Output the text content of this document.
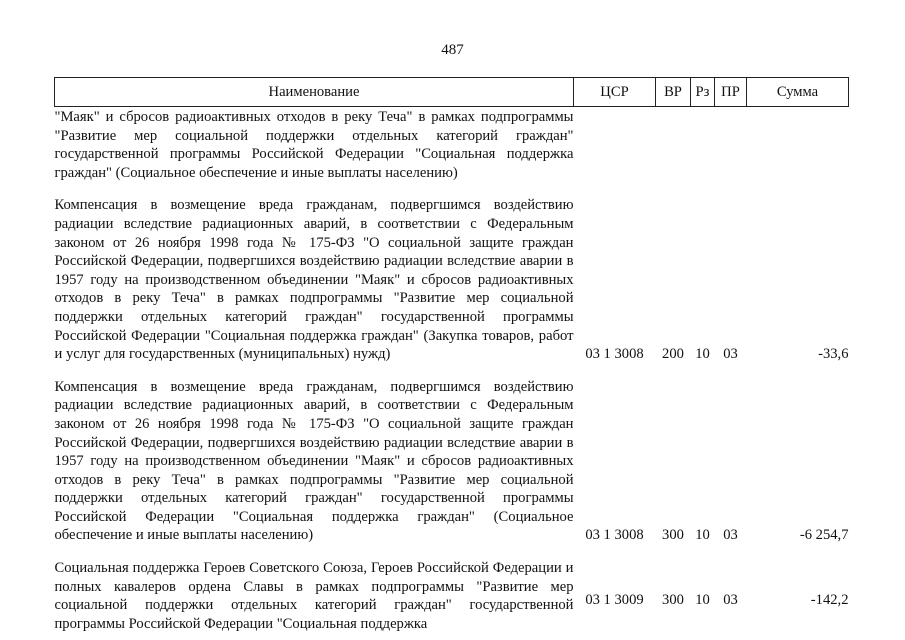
487
Наименование	ЦСР	ВР	Рз	ПР	Сумма
"Маяк" и сбросов радиоактивных отходов в реку Теча" в рамках подпрограммы "Развитие мер социальной поддержки отдельных категорий граждан" государственной программы Российской Федерации "Социальная поддержка граждан" (Социальное обеспечение и иные выплаты населению)					
Компенсация в возмещение вреда гражданам, подвергшимся воздействию радиации вследствие радиационных аварий, в соответствии с Федеральным законом от 26 ноября 1998 года № 175-ФЗ "О социальной защите граждан Российской Федерации, подвергшихся воздействию радиации вследствие аварии в 1957 году на производственном объединении "Маяк" и сбросов радиоактивных отходов в реку Теча" в рамках подпрограммы "Развитие мер социальной поддержки отдельных категорий граждан" государственной программы Российской Федерации "Социальная поддержка граждан" (Закупка товаров, работ и услуг для государственных (муниципальных) нужд)	03 1 3008	200	10	03	-33,6
Компенсация в возмещение вреда гражданам, подвергшимся воздействию радиации вследствие радиационных аварий, в соответствии с Федеральным законом от 26 ноября 1998 года № 175-ФЗ "О социальной защите граждан Российской Федерации, подвергшихся воздействию радиации вследствие аварии в 1957 году на производственном объединении "Маяк" и сбросов радиоактивных отходов в реку Теча" в рамках подпрограммы "Развитие мер социальной поддержки отдельных категорий граждан" государственной программы Российской Федерации "Социальная поддержка граждан" (Социальное обеспечение и иные выплаты населению)	03 1 3008	300	10	03	-6 254,7
Социальная поддержка Героев Советского Союза, Героев Российской Федерации и полных кавалеров ордена Славы в рамках подпрограммы "Развитие мер социальной поддержки отдельных категорий граждан" государственной программы Российской Федерации "Социальная поддержка	03 1 3009	300	10	03	-142,2
